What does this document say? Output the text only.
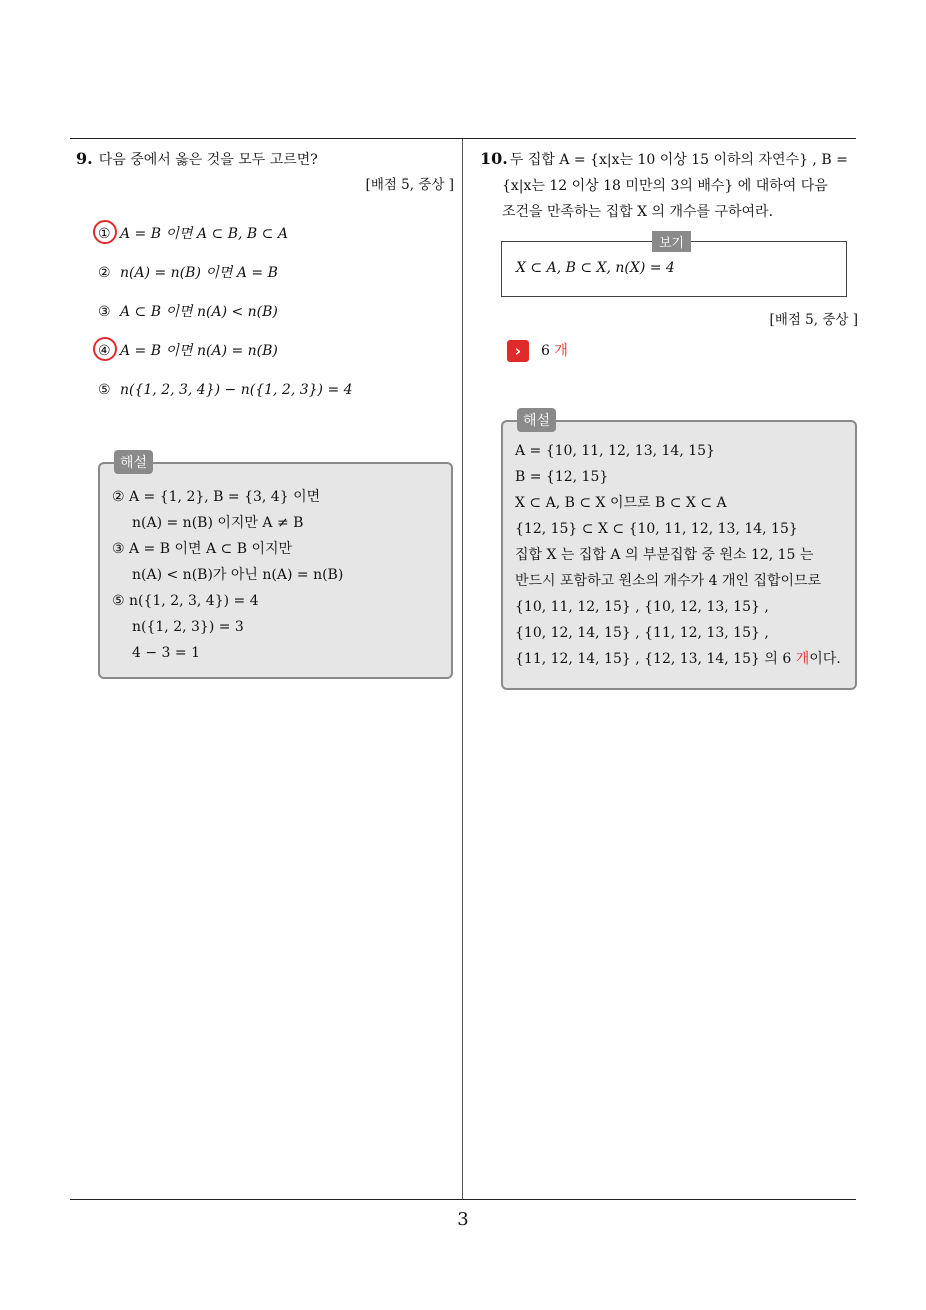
9. 다음 중에서 옳은 것을 모두 고르면?
[배점 5, 중상 ]
① A = B 이면 A ⊂ B, B ⊂ A
② n(A) = n(B) 이면 A = B
③ A ⊂ B 이면 n(A) < n(B)
④ A = B 이면 n(A) = n(B)
⑤ n({1, 2, 3, 4}) − n({1, 2, 3}) = 4
해설
② A = {1, 2}, B = {3, 4} 이면
n(A) = n(B) 이지만 A ≠ B
③ A = B 이면 A ⊂ B 이지만
n(A) < n(B)가 아닌 n(A) = n(B)
⑤ n({1, 2, 3, 4}) = 4
n({1, 2, 3}) = 3
4 − 3 = 1
10. 두 집합 A = {x|x는 10 이상 15 이하의 자연수} , B =
{x|x는 12 이상 18 미만의 3의 배수} 에 대하여 다음
조건을 만족하는 집합 X 의 개수를 구하여라.
보기
X ⊂ A, B ⊂ X, n(X) = 4
[배점 5, 중상 ]
› 6 개
해설
A = {10, 11, 12, 13, 14, 15}
B = {12, 15}
X ⊂ A, B ⊂ X 이므로 B ⊂ X ⊂ A
{12, 15} ⊂ X ⊂ {10, 11, 12, 13, 14, 15}
집합 X 는 집합 A 의 부분집합 중 원소 12, 15 는
반드시 포함하고 원소의 개수가 4 개인 집합이므로
{10, 11, 12, 15} , {10, 12, 13, 15} ,
{10, 12, 14, 15} , {11, 12, 13, 15} ,
{11, 12, 14, 15} , {12, 13, 14, 15} 의 6 개이다.
3
